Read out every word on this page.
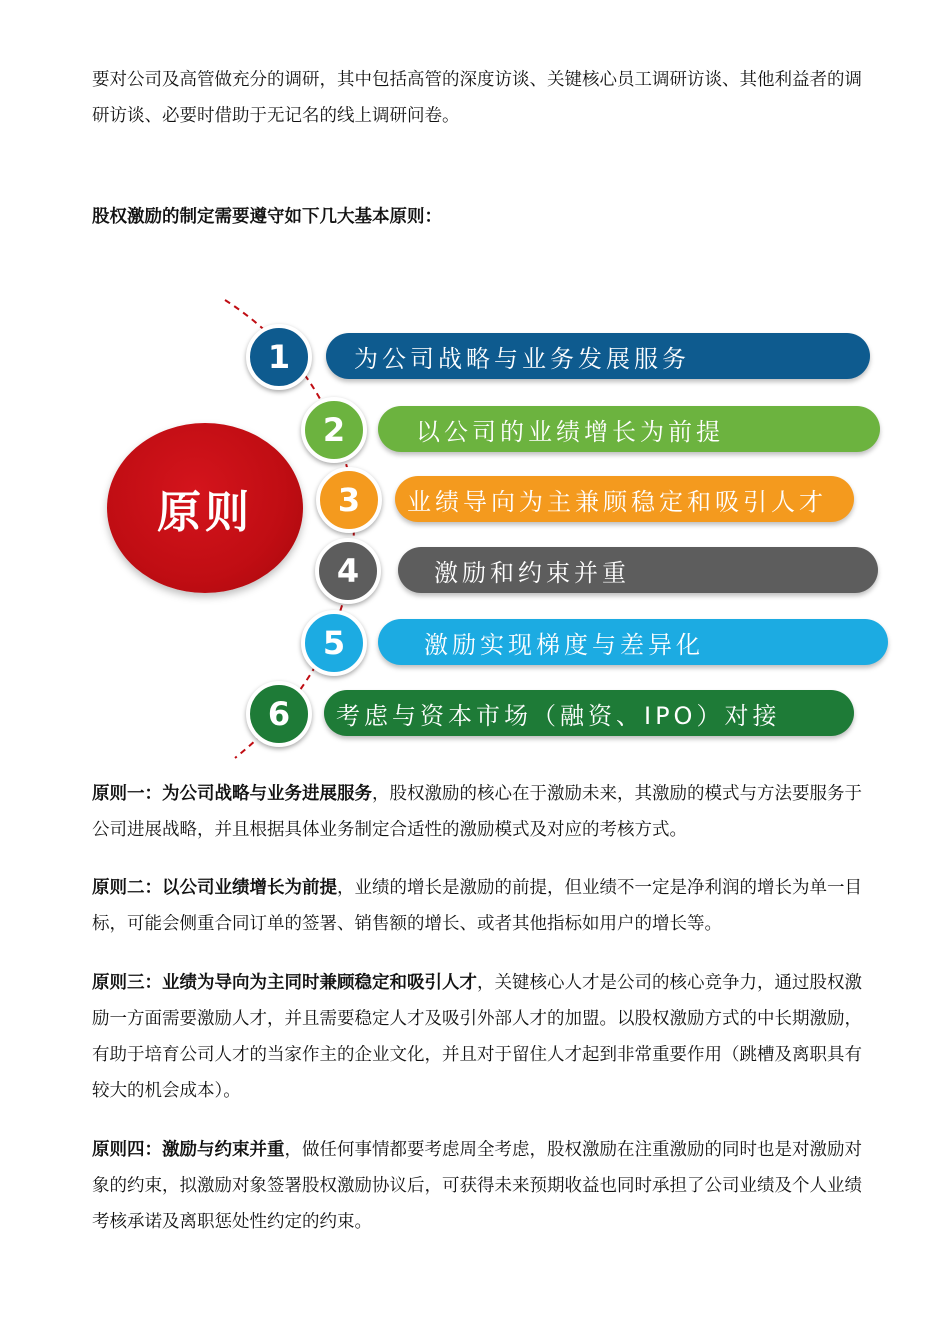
要对公司及高管做充分的调研，其中包括高管的深度访谈、关键核心员工调研访谈、其他利益者的调研访谈、必要时借助于无记名的线上调研问卷。

股权激励的制定需要遵守如下几大基本原则：

原则
为公司战略与业务发展服务
1
以公司的业绩增长为前提
2
业绩导向为主兼顾稳定和吸引人才
3
激励和约束并重
4
激励实现梯度与差异化
5
考虑与资本市场（融资、IPO）对接
6

原则一：为公司战略与业务进展服务，股权激励的核心在于激励未来，其激励的模式与方法要服务于公司进展战略，并且根据具体业务制定合适性的激励模式及对应的考核方式。

原则二：以公司业绩增长为前提，业绩的增长是激励的前提，但业绩不一定是净利润的增长为单一目标，可能会侧重合同订单的签署、销售额的增长、或者其他指标如用户的增长等。

原则三：业绩为导向为主同时兼顾稳定和吸引人才，关键核心人才是公司的核心竞争力，通过股权激励一方面需要激励人才，并且需要稳定人才及吸引外部人才的加盟。以股权激励方式的中长期激励，有助于培育公司人才的当家作主的企业文化，并且对于留住人才起到非常重要作用（跳槽及离职具有较大的机会成本）。

原则四：激励与约束并重，做任何事情都要考虑周全考虑，股权激励在注重激励的同时也是对激励对象的约束，拟激励对象签署股权激励协议后，可获得未来预期收益也同时承担了公司业绩及个人业绩考核承诺及离职惩处性约定的约束。
